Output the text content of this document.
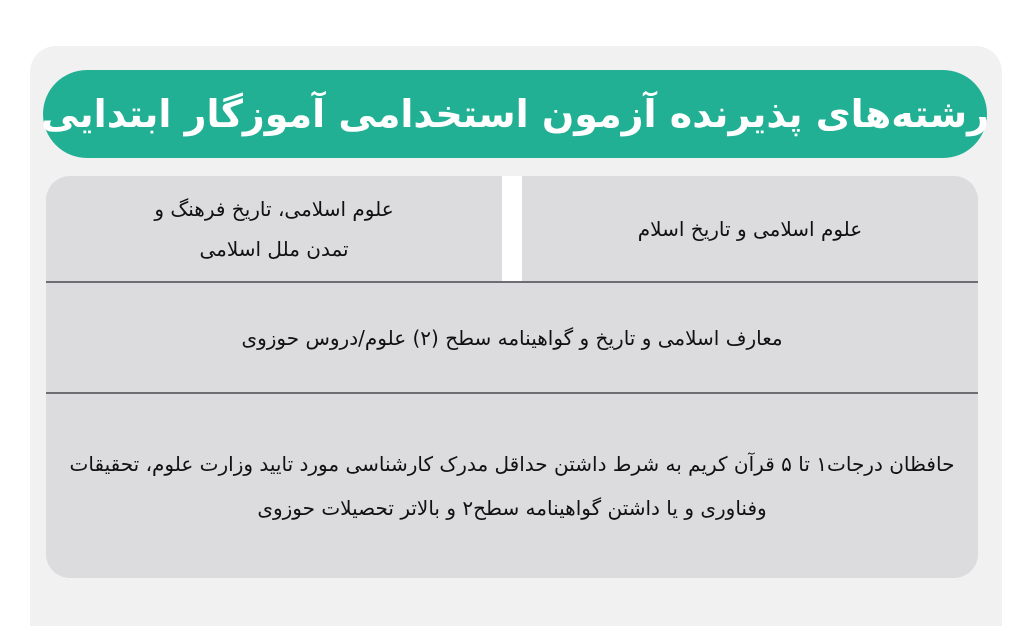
رشته‌های پذیرنده آزمون استخدامی آموزگار ابتدایی
علوم اسلامی و تاریخ اسلام
علوم اسلامی، تاریخ فرهنگ و
تمدن ملل اسلامی
معارف اسلامی و تاریخ و گواهینامه سطح (۲) علوم/دروس حوزوی
حافظان درجات۱ تا ۵ قرآن کریم به شرط داشتن حداقل مدرک کارشناسی مورد تایید وزارت علوم، تحقیقات وفناوری و یا داشتن گواهینامه سطح۲ و بالاتر تحصیلات حوزوی
